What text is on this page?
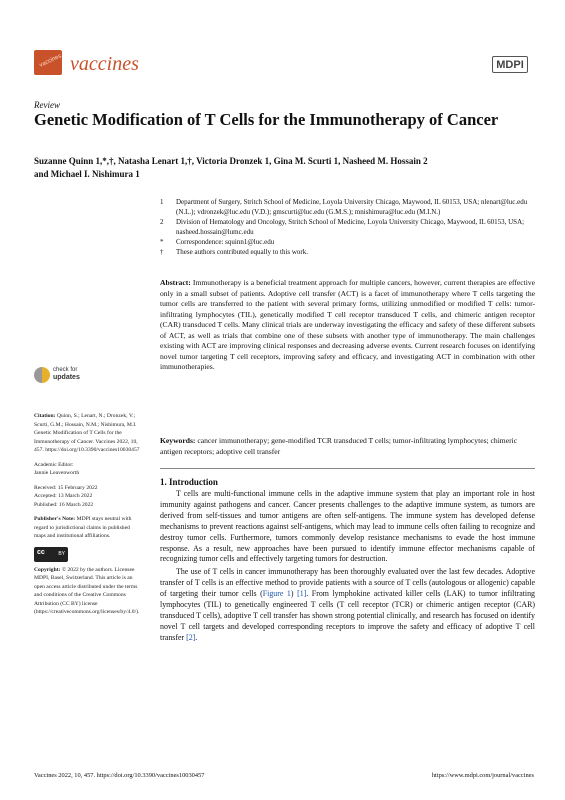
vaccines vaccines	MDPI
Review
Genetic Modification of T Cells for the Immunotherapy of Cancer
Suzanne Quinn 1,*,†, Natasha Lenart 1,†, Victoria Dronzek 1, Gina M. Scurti 1, Nasheed M. Hossain 2
and Michael I. Nishimura 1
1	Department of Surgery, Stritch School of Medicine, Loyola University Chicago, Maywood, IL 60153, USA; nlenart@luc.edu (N.L.); vdronzek@luc.edu (V.D.); gmscurti@luc.edu (G.M.S.); mnishimura@luc.edu (M.I.N.)
2	Division of Hematology and Oncology, Stritch School of Medicine, Loyola University Chicago, Maywood, IL 60153, USA; nasheed.hossain@lumc.edu
*	Correspondence: squinn1@luc.edu
†	These authors contributed equally to this work.
Abstract: Immunotherapy is a beneficial treatment approach for multiple cancers, however, current therapies are effective only in a small subset of patients. Adoptive cell transfer (ACT) is a facet of immunotherapy where T cells targeting the tumor cells are transferred to the patient with several primary forms, utilizing unmodified or modified T cells: tumor-infiltrating lymphocytes (TIL), genetically modified T cell receptor transduced T cells, and chimeric antigen receptor (CAR) transduced T cells. Many clinical trials are underway investigating the efficacy and safety of these different subsets of ACT, as well as trials that combine one of these subsets with another type of immunotherapy. The main challenges existing with ACT are improving clinical responses and decreasing adverse events. Current research focuses on identifying novel tumor targeting T cell receptors, improving safety and efficacy, and investigating ACT in combination with other immunotherapies.
Keywords: cancer immunotherapy; gene-modified TCR transduced T cells; tumor-infiltrating lymphocytes; chimeric antigen receptors; adoptive cell transfer
check for
updates

Citation: Quinn, S.; Lenart, N.; Dronzek, V.; Scurti, G.M.; Hossain, N.M.; Nishimura, M.I. Genetic Modification of T Cells for the Immunotherapy of Cancer. Vaccines 2022, 10, 457. https://doi.org/10.3390/vaccines10030457

Academic Editor:
Jannie Leavenworth

Received: 15 February 2022
Accepted: 13 March 2022
Published: 16 March 2022

Publisher's Note: MDPI stays neutral with regard to jurisdictional claims in published maps and institutional affiliations.

cc	BY

Copyright: © 2022 by the authors. Licensee MDPI, Basel, Switzerland. This article is an open access article distributed under the terms and conditions of the Creative Commons Attribution (CC BY) license (https://creativecommons.org/licenses/by/4.0/).

1. Introduction

T cells are multi-functional immune cells in the adaptive immune system that play an important role in host immunity against pathogens and cancer. Cancer presents challenges to the adaptive immune system, as tumors are derived from self-tissues and tumor antigens are often self-antigens. The immune system has developed defense mechanisms to prevent reactions against self-antigens, which may lead to immune cells often failing to recognize and destroy tumor cells. Furthermore, tumors commonly develop resistance mechanisms to evade the host immune response. As a result, new approaches have been pursued to identify immune effector mechanisms capable of recognizing tumor cells and effectively targeting tumors for destruction.

The use of T cells in cancer immunotherapy has been thoroughly evaluated over the last few decades. Adoptive transfer of T cells is an effective method to provide patients with a source of T cells (autologous or allogenic) capable of targeting their tumor cells (Figure 1) [1]. From lymphokine activated killer cells (LAK) to tumor infiltrating lymphocytes (TIL) to genetically engineered T cells (T cell receptor (TCR) or chimeric antigen receptor (CAR) transduced T cells), adoptive T cell transfer has shown strong potential clinically, and research has focused on identify novel T cell targets and developed corresponding receptors to improve the safety and efficacy of adoptive T cell transfer [2].

Vaccines 2022, 10, 457. https://doi.org/10.3390/vaccines10030457	https://www.mdpi.com/journal/vaccines
